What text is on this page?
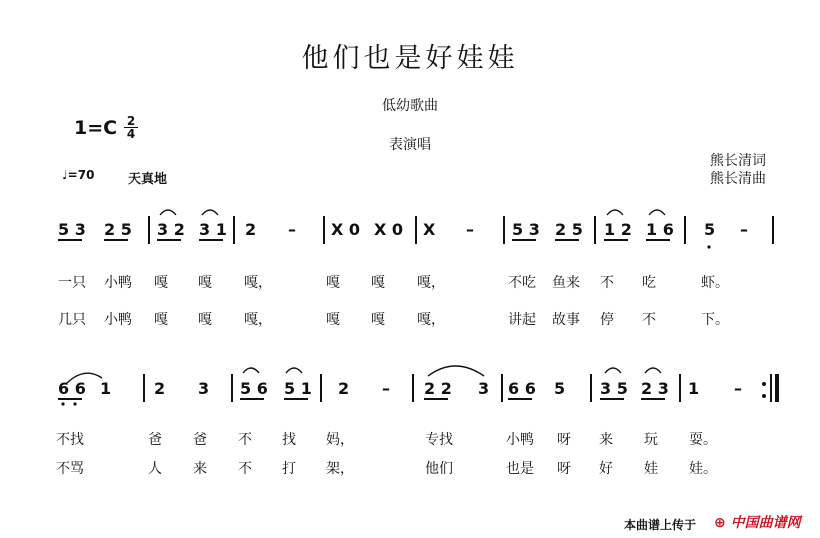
他们也是好娃娃
低幼歌曲
表演唱
$1=C \frac{2}{4}$
♩=70	天真地
熊长清词
熊长清曲
5 3 2 5 3 2 3 1 2 – X 0 X 0 X – 5 3 2 5 1 2 1 6 5 –
一只 小鸭 嘎 嘎 嘎，	嘎 嘎 嘎，	不吃 鱼来 不 吃	虾。
几只 小鸭 嘎 嘎 嘎，	嘎 嘎 嘎，	讲起 故事 停 不	下。
6 6 1	2 3 5 6 5 1 2 – 2 2 3 6 6 5 3 5 2 3 1 –
不找	爸 爸 不 找 妈，	专找	小鸭 呀 来 玩 耍。
不骂	人 来 不 打 架，	他们	也是 呀 好 娃 娃。
本曲谱上传于 ⊕ 中国曲谱网
